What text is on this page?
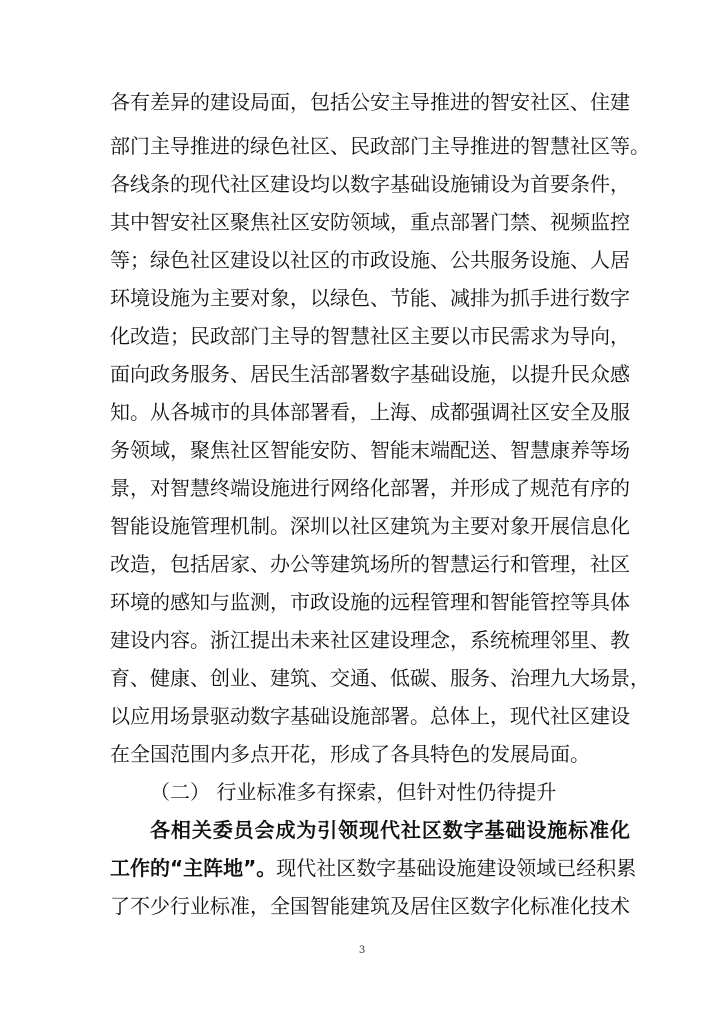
各有差异的建设局面，包括公安主导推进的智安社区、住建
部门主导推进的绿色社区、民政部门主导推进的智慧社区等。
各线条的现代社区建设均以数字基础设施铺设为首要条件，
其中智安社区聚焦社区安防领域，重点部署门禁、视频监控
等；绿色社区建设以社区的市政设施、公共服务设施、人居
环境设施为主要对象，以绿色、节能、减排为抓手进行数字
化改造；民政部门主导的智慧社区主要以市民需求为导向，
面向政务服务、居民生活部署数字基础设施，以提升民众感
知。从各城市的具体部署看，上海、成都强调社区安全及服
务领域，聚焦社区智能安防、智能末端配送、智慧康养等场
景，对智慧终端设施进行网络化部署，并形成了规范有序的
智能设施管理机制。深圳以社区建筑为主要对象开展信息化
改造，包括居家、办公等建筑场所的智慧运行和管理，社区
环境的感知与监测，市政设施的远程管理和智能管控等具体
建设内容。浙江提出未来社区建设理念，系统梳理邻里、教
育、健康、创业、建筑、交通、低碳、服务、治理九大场景，
以应用场景驱动数字基础设施部署。总体上，现代社区建设
在全国范围内多点开花，形成了各具特色的发展局面。
（二） 行业标准多有探索，但针对性仍待提升
各相关委员会成为引领现代社区数字基础设施标准化
工作的“主阵地”。现代社区数字基础设施建设领域已经积累
了不少行业标准，全国智能建筑及居住区数字化标准化技术
3
